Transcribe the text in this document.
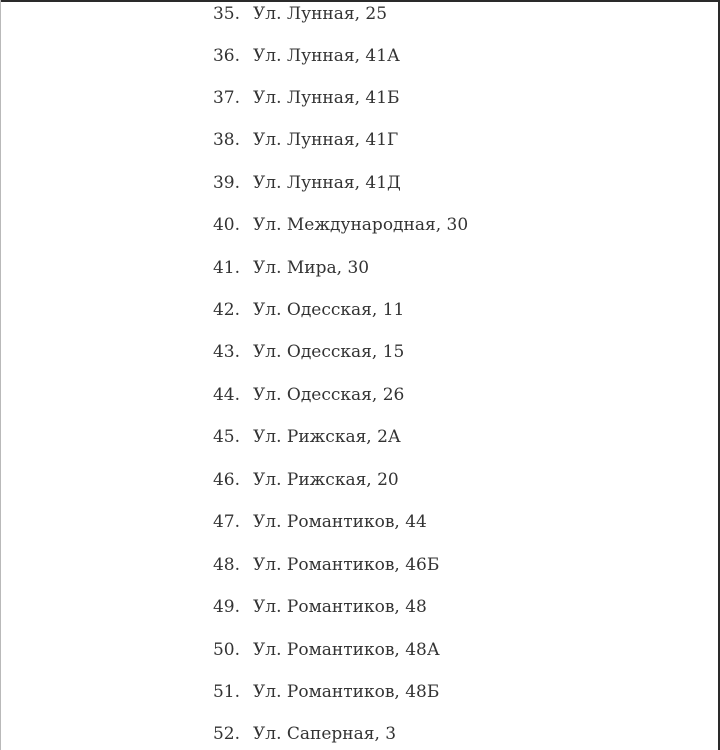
35. Ул. Лунная, 25
36. Ул. Лунная, 41А
37. Ул. Лунная, 41Б
38. Ул. Лунная, 41Г
39. Ул. Лунная, 41Д
40. Ул. Международная, 30
41. Ул. Мира, 30
42. Ул. Одесская, 11
43. Ул. Одесская, 15
44. Ул. Одесская, 26
45. Ул. Рижская, 2А
46. Ул. Рижская, 20
47. Ул. Романтиков, 44
48. Ул. Романтиков, 46Б
49. Ул. Романтиков, 48
50. Ул. Романтиков, 48А
51. Ул. Романтиков, 48Б
52. Ул. Саперная, 3
